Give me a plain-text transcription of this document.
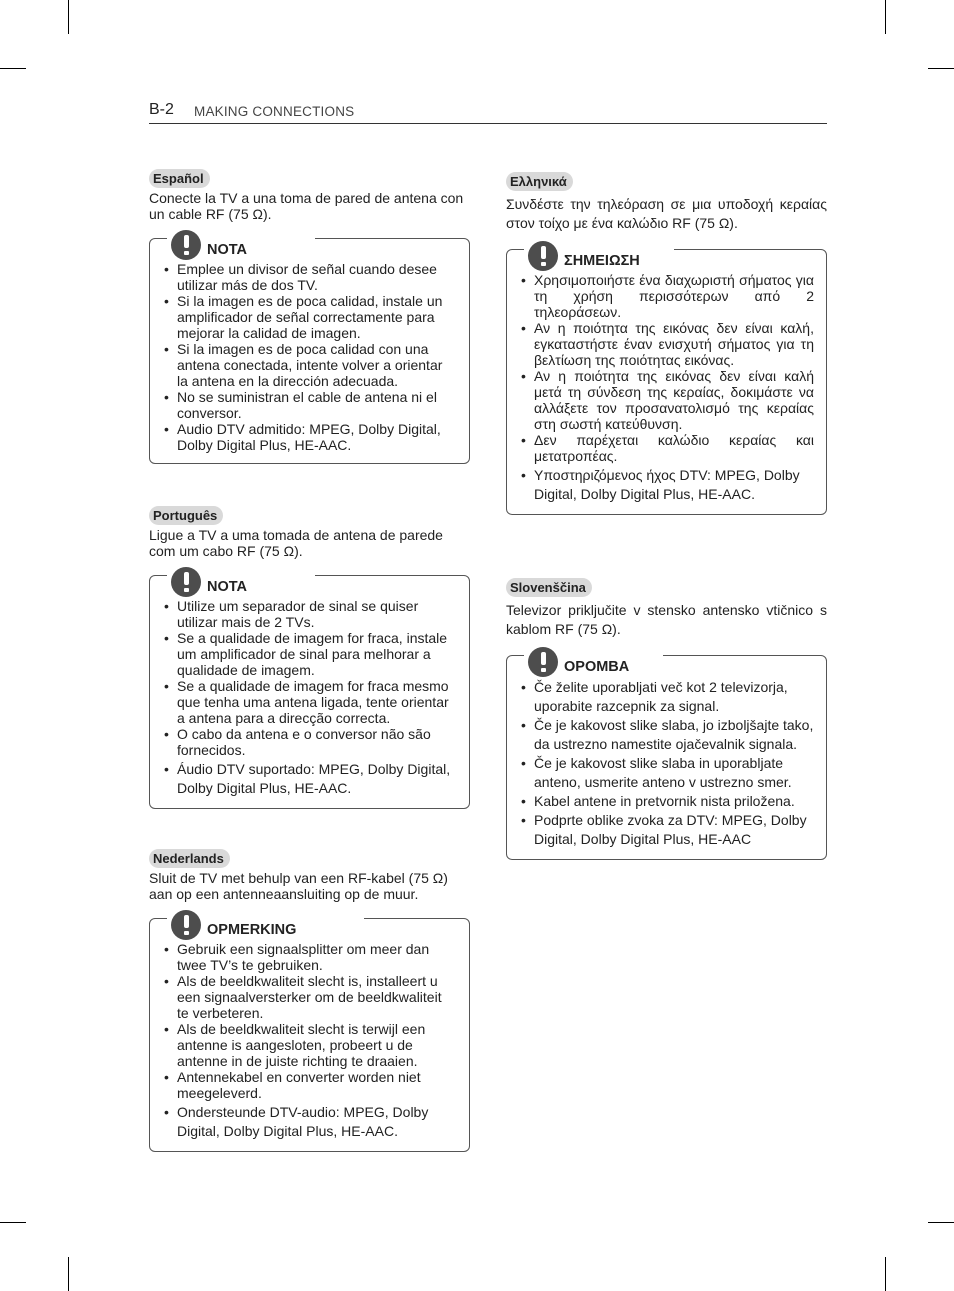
B-2 MAKING CONNECTIONS
Español

Conecte la TV a una toma de pared de antena con un cable RF (75 Ω).

• Emplee un divisor de señal cuando desee utilizar más de dos TV.
• Si la imagen es de poca calidad, instale un amplificador de señal correctamente para mejorar la calidad de imagen.
• Si la imagen es de poca calidad con una antena conectada, intente volver a orientar la antena en la dirección adecuada.
• No se suministran el cable de antena ni el conversor.
• Audio DTV admitido: MPEG, Dolby Digital, Dolby Digital Plus, HE-AAC.
NOTA
Português

Ligue a TV a uma tomada de antena de parede com um cabo RF (75 Ω).

• Utilize um separador de sinal se quiser utilizar mais de 2 TVs.
• Se a qualidade de imagem for fraca, instale um amplificador de sinal para melhorar a qualidade de imagem.
• Se a qualidade de imagem for fraca mesmo que tenha uma antena ligada, tente orientar a antena para a direcção correcta.
• O cabo da antena e o conversor não são fornecidos.
• Áudio DTV suportado: MPEG, Dolby Digital, Dolby Digital Plus, HE-AAC.
NOTA
Nederlands

Sluit de TV met behulp van een RF-kabel (75 Ω) aan op een antenneaansluiting op de muur.

• Gebruik een signaalsplitter om meer dan twee TV’s te gebruiken.
• Als de beeldkwaliteit slecht is, installeert u een signaalversterker om de beeldkwaliteit te verbeteren.
• Als de beeldkwaliteit slecht is terwijl een antenne is aangesloten, probeert u de antenne in de juiste richting te draaien.
• Antennekabel en converter worden niet meegeleverd.
• Ondersteunde DTV-audio: MPEG, Dolby Digital, Dolby Digital Plus, HE-AAC.
OPMERKING
Ελληνικά

Συνδέστε την τηλεόραση σε μια υποδοχή κεραίας στον τοίχο με ένα καλώδιο RF (75 Ω).

• Χρησιμοποιήστε ένα διαχωριστή σήματος για τη χρήση περισσότερων από 2 τηλεοράσεων.
• Αν η ποιότητα της εικόνας δεν είναι καλή, εγκαταστήστε έναν ενισχυτή σήματος για τη βελτίωση της ποιότητας εικόνας.
• Αν η ποιότητα της εικόνας δεν είναι καλή μετά τη σύνδεση της κεραίας, δοκιμάστε να αλλάξετε τον προσανατολισμό της κεραίας στη σωστή κατεύθυνση.
• Δεν παρέχεται καλώδιο κεραίας και μετατροπέας.
• Υποστηριζόμενος ήχος DTV: MPEG, Dolby Digital, Dolby Digital Plus, HE-AAC.
ΣΗΜΕΙΩΣΗ
Slovenščina

Televizor priključite v stensko antensko vtičnico s kablom RF (75 Ω).

• Če želite uporabljati več kot 2 televizorja, uporabite razcepnik za signal.
• Če je kakovost slike slaba, jo izboljšajte tako, da ustrezno namestite ojačevalnik signala.
• Če je kakovost slike slaba in uporabljate anteno, usmerite anteno v ustrezno smer.
• Kabel antene in pretvornik nista priložena.
• Podprte oblike zvoka za DTV: MPEG, Dolby Digital, Dolby Digital Plus, HE-AAC
OPOMBA
